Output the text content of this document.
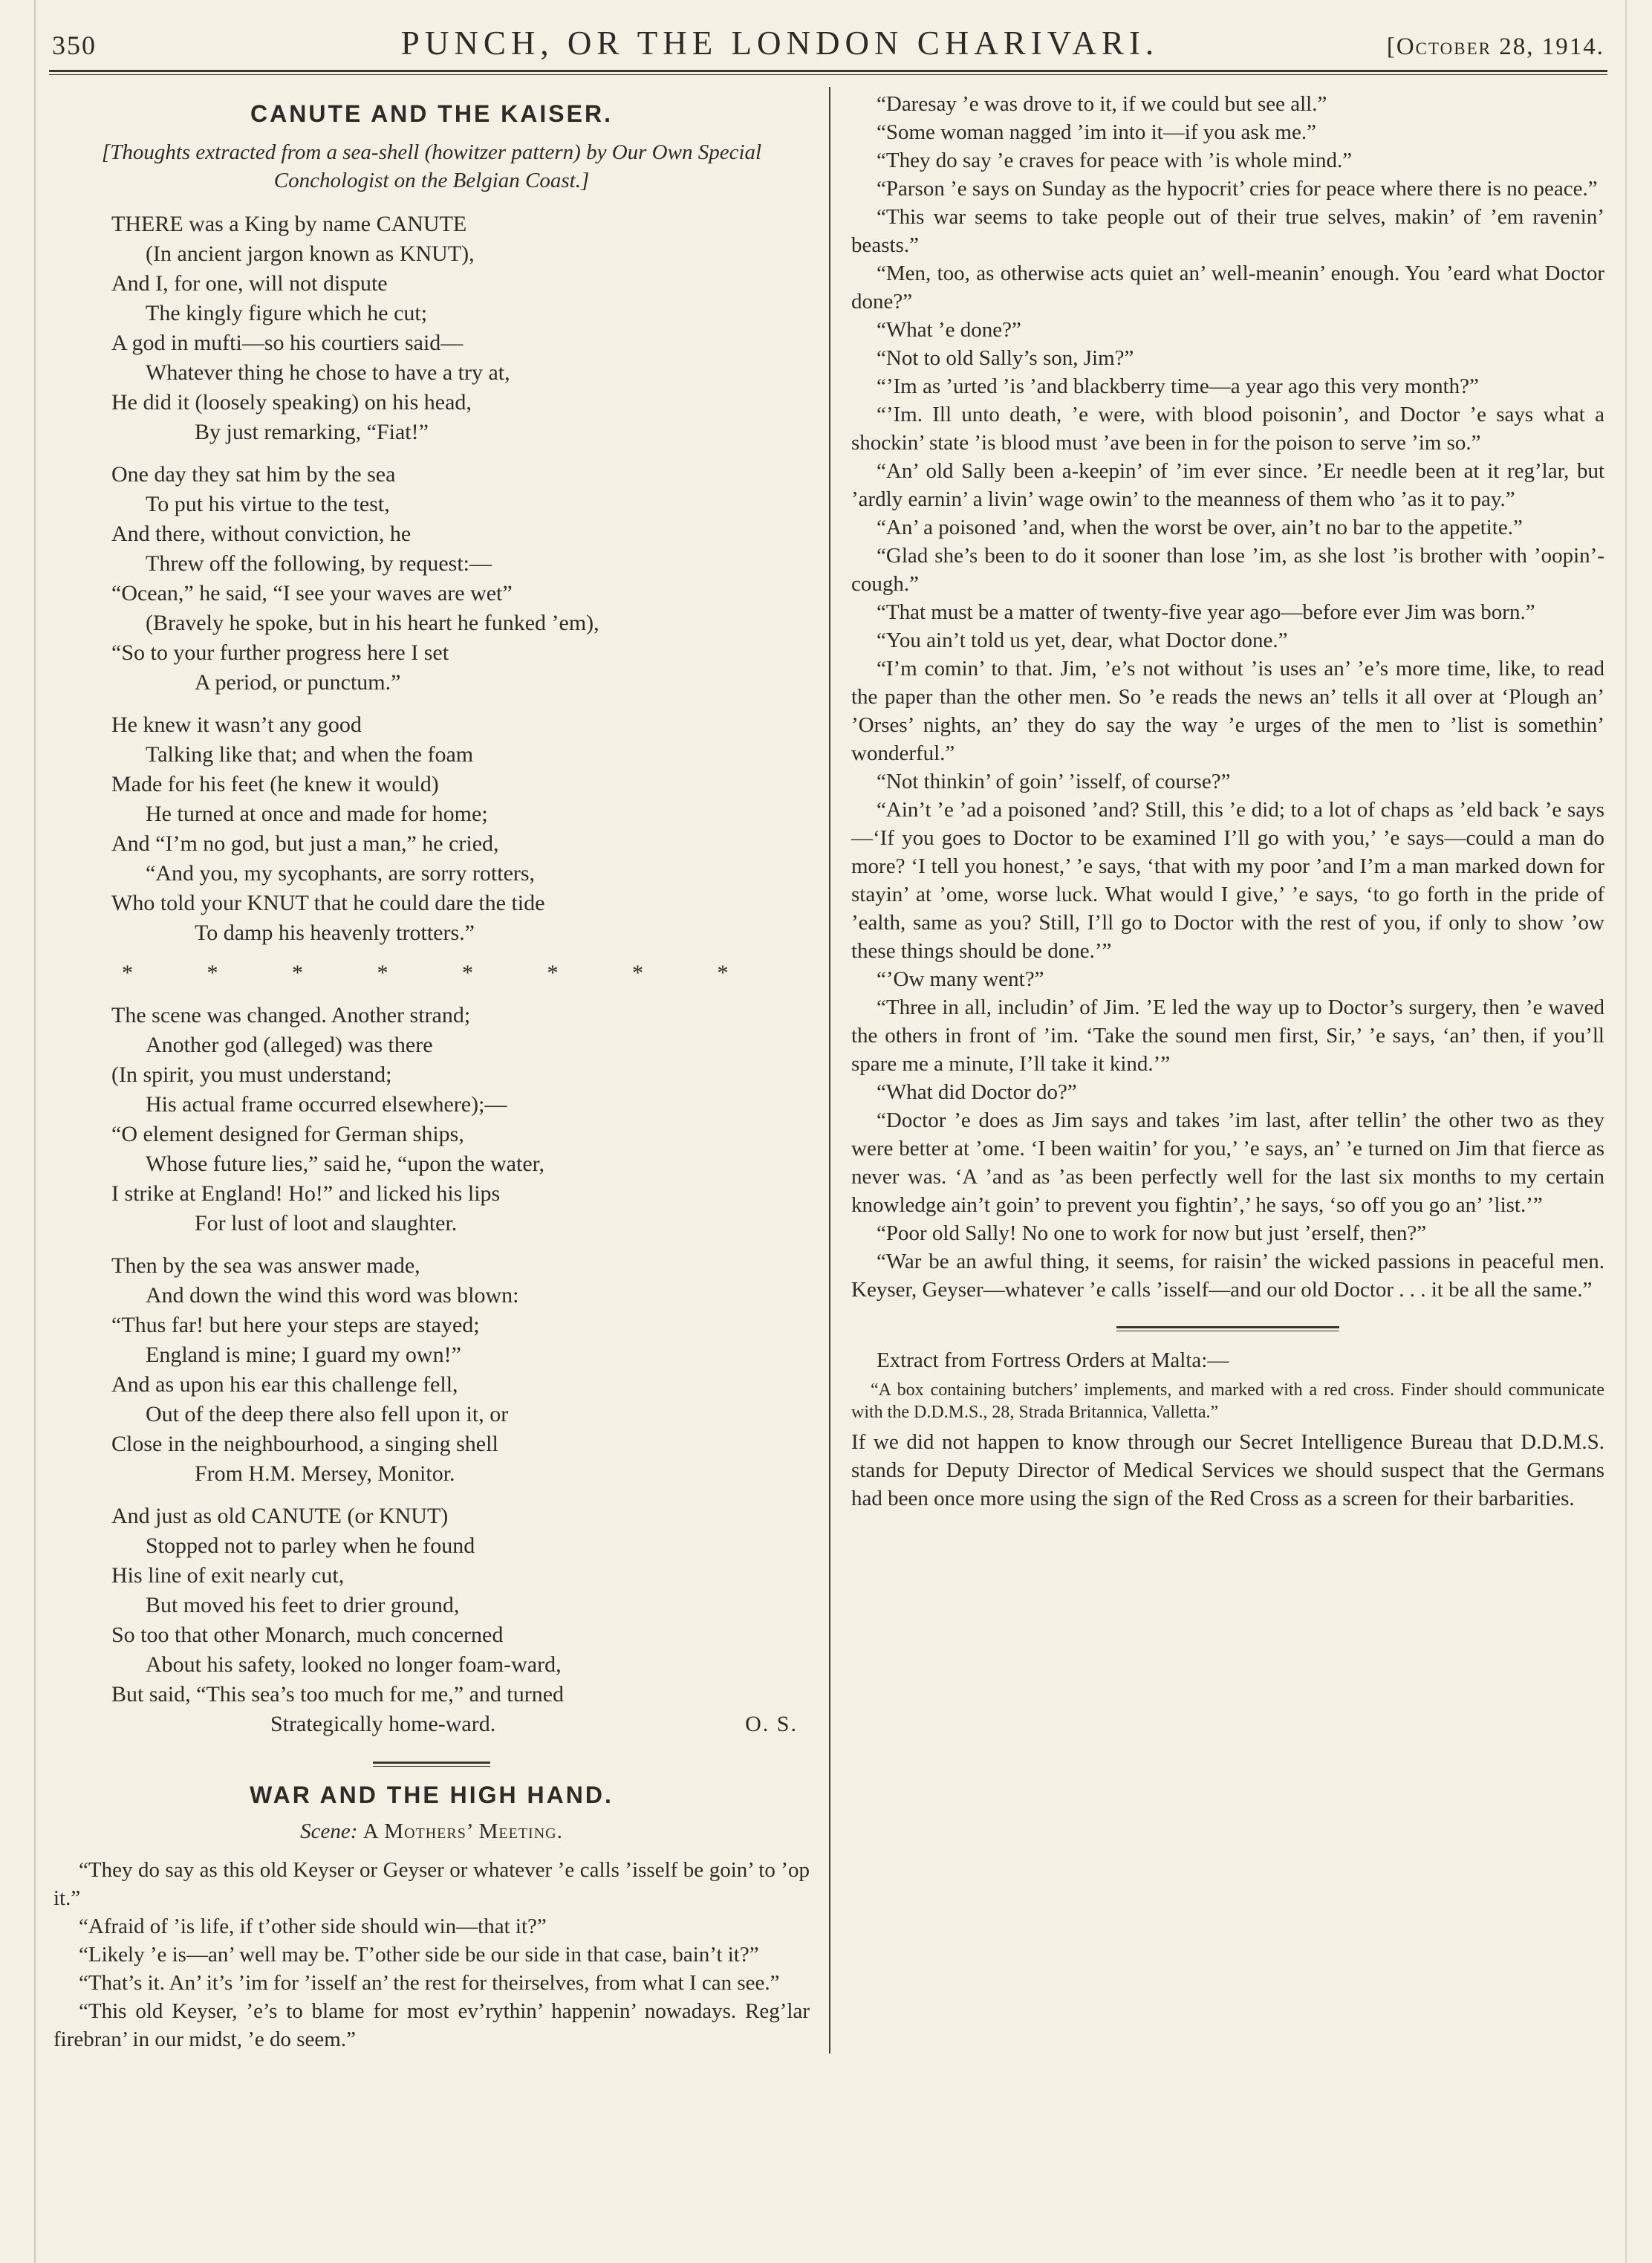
350	PUNCH, OR THE LONDON CHARIVARI.	[October 28, 1914.
CANUTE AND THE KAISER.

[Thoughts extracted from a sea-shell (howitzer pattern) by Our Own Special Conchologist on the Belgian Coast.]

THERE was a King by name CANUTE
(In ancient jargon known as KNUT),
And I, for one, will not dispute
The kingly figure which he cut;
A god in mufti—so his courtiers said—
Whatever thing he chose to have a try at,
He did it (loosely speaking) on his head,
By just remarking, “Fiat!”
One day they sat him by the sea
To put his virtue to the test,
And there, without conviction, he
Threw off the following, by request:—
“Ocean,” he said, “I see your waves are wet”
(Bravely he spoke, but in his heart he funked ’em),
“So to your further progress here I set
A period, or punctum.”
He knew it wasn’t any good
Talking like that; and when the foam
Made for his feet (he knew it would)
He turned at once and made for home;
And “I’m no god, but just a man,” he cried,
“And you, my sycophants, are sorry rotters,
Who told your KNUT that he could dare the tide
To damp his heavenly trotters.”
* * * * * * * *
The scene was changed. Another strand;
Another god (alleged) was there
(In spirit, you must understand;
His actual frame occurred elsewhere);—
“O element designed for German ships,
Whose future lies,” said he, “upon the water,
I strike at England! Ho!” and licked his lips
For lust of loot and slaughter.
Then by the sea was answer made,
And down the wind this word was blown:
“Thus far! but here your steps are stayed;
England is mine; I guard my own!”
And as upon his ear this challenge fell,
Out of the deep there also fell upon it, or
Close in the neighbourhood, a singing shell
From H.M. Mersey, Monitor.
And just as old CANUTE (or KNUT)
Stopped not to parley when he found
His line of exit nearly cut,
But moved his feet to drier ground,
So too that other Monarch, much concerned
About his safety, looked no longer foam-ward,
But said, “This sea’s too much for me,” and turned
Strategically home-ward.	O. S.
WAR AND THE HIGH HAND.

Scene: A Mothers’ Meeting.

“They do say as this old Keyser or Geyser or whatever ’e calls ’isself be goin’ to ’op it.”

“Afraid of ’is life, if t’other side should win—that it?”

“Likely ’e is—an’ well may be. T’other side be our side in that case, bain’t it?”

“That’s it. An’ it’s ’im for ’isself an’ the rest for theirselves, from what I can see.”

“This old Keyser, ’e’s to blame for most ev’rythin’ happenin’ nowadays. Reg’lar firebran’ in our midst, ’e do seem.”

“Daresay ’e was drove to it, if we could but see all.”

“Some woman nagged ’im into it—if you ask me.”

“They do say ’e craves for peace with ’is whole mind.”

“Parson ’e says on Sunday as the hypocrit’ cries for peace where there is no peace.”

“This war seems to take people out of their true selves, makin’ of ’em ravenin’ beasts.”

“Men, too, as otherwise acts quiet an’ well-meanin’ enough. You ’eard what Doctor done?”

“What ’e done?”

“Not to old Sally’s son, Jim?”

“’Im as ’urted ’is ’and blackberry time—a year ago this very month?”

“’Im. Ill unto death, ’e were, with blood poisonin’, and Doctor ’e says what a shockin’ state ’is blood must ’ave been in for the poison to serve ’im so.”

“An’ old Sally been a-keepin’ of ’im ever since. ’Er needle been at it reg’lar, but ’ardly earnin’ a livin’ wage owin’ to the meanness of them who ’as it to pay.”

“An’ a poisoned ’and, when the worst be over, ain’t no bar to the appetite.”

“Glad she’s been to do it sooner than lose ’im, as she lost ’is brother with ’oopin’-cough.”

“That must be a matter of twenty-five year ago—before ever Jim was born.”

“You ain’t told us yet, dear, what Doctor done.”

“I’m comin’ to that. Jim, ’e’s not without ’is uses an’ ’e’s more time, like, to read the paper than the other men. So ’e reads the news an’ tells it all over at ‘Plough an’ ’Orses’ nights, an’ they do say the way ’e urges of the men to ’list is somethin’ wonderful.”

“Not thinkin’ of goin’ ’isself, of course?”

“Ain’t ’e ’ad a poisoned ’and? Still, this ’e did; to a lot of chaps as ’eld back ’e says—‘If you goes to Doctor to be examined I’ll go with you,’ ’e says—could a man do more? ‘I tell you honest,’ ’e says, ‘that with my poor ’and I’m a man marked down for stayin’ at ’ome, worse luck. What would I give,’ ’e says, ‘to go forth in the pride of ’ealth, same as you? Still, I’ll go to Doctor with the rest of you, if only to show ’ow these things should be done.’”

“’Ow many went?”

“Three in all, includin’ of Jim. ’E led the way up to Doctor’s surgery, then ’e waved the others in front of ’im. ‘Take the sound men first, Sir,’ ’e says, ‘an’ then, if you’ll spare me a minute, I’ll take it kind.’”

“What did Doctor do?”

“Doctor ’e does as Jim says and takes ’im last, after tellin’ the other two as they were better at ’ome. ‘I been waitin’ for you,’ ’e says, an’ ’e turned on Jim that fierce as never was. ‘A ’and as ’as been perfectly well for the last six months to my certain knowledge ain’t goin’ to prevent you fightin’,’ he says, ‘so off you go an’ ’list.’”

“Poor old Sally! No one to work for now but just ’erself, then?”

“War be an awful thing, it seems, for raisin’ the wicked passions in peaceful men. Keyser, Geyser—whatever ’e calls ’isself—and our old Doctor . . . it be all the same.”

Extract from Fortress Orders at Malta:—

“A box containing butchers’ implements, and marked with a red cross. Finder should communicate with the D.D.M.S., 28, Strada Britannica, Valletta.”

If we did not happen to know through our Secret Intelligence Bureau that D.D.M.S. stands for Deputy Director of Medical Services we should suspect that the Germans had been once more using the sign of the Red Cross as a screen for their barbarities.
